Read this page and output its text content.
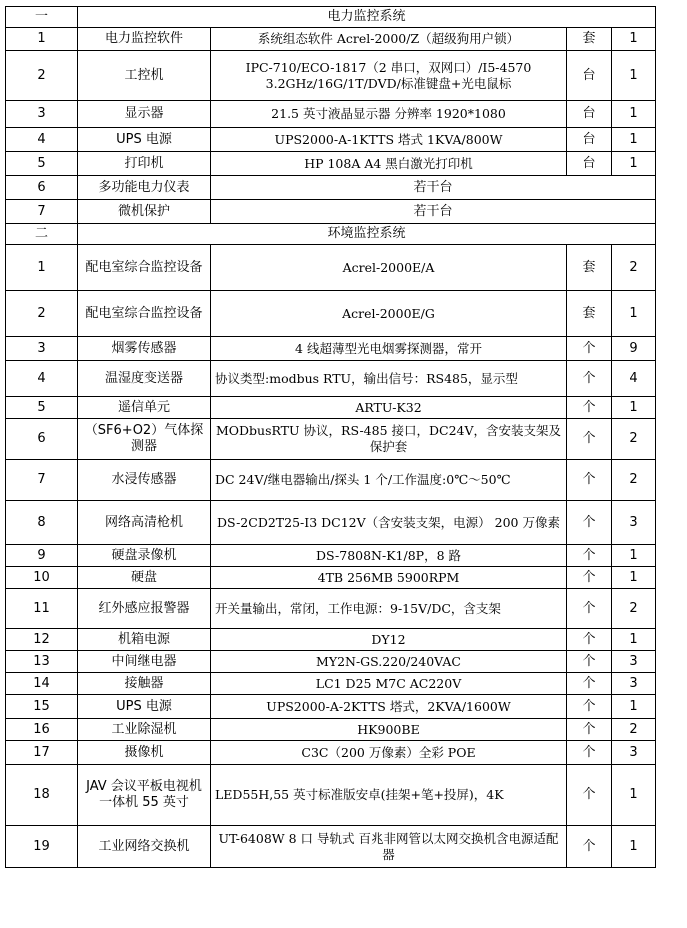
一	电力监控系统			
1	电力监控软件	系统组态软件 Acrel-2000/Z（超级狗用户锁）	套	1
2	工控机	IPC-710/ECO-1817（2 串口，双网口）/I5-4570 3.2GHz/16G/1T/DVD/标准键盘+光电鼠标	台	1
3	显示器	21.5 英寸液晶显示器 分辨率 1920*1080	台	1
4	UPS 电源	UPS2000-A-1KTTS 塔式 1KVA/800W	台	1
5	打印机	HP 108A A4 黑白激光打印机	台	1
6	多功能电力仪表	若干台		
7	微机保护	若干台		
二	环境监控系统			
1	配电室综合监控设备	Acrel-2000E/A	套	2
2	配电室综合监控设备	Acrel-2000E/G	套	1
3	烟雾传感器	4 线超薄型光电烟雾探测器，常开	个	9
4	温湿度变送器	协议类型:modbus RTU，输出信号：RS485，显示型	个	4
5	遥信单元	ARTU-K32	个	1
6	（SF6+O2）气体探测器	MODbusRTU 协议，RS-485 接口，DC24V，含安装支架及保护套	个	2
7	水浸传感器	DC 24V/继电器输出/探头 1 个/工作温度:0℃～50℃	个	2
8	网络高清枪机	DS-2CD2T25-I3 DC12V（含安装支架，电源） 200 万像素	个	3
9	硬盘录像机	DS-7808N-K1/8P，8 路	个	1
10	硬盘	4TB 256MB 5900RPM	个	1
11	红外感应报警器	开关量输出，常闭，工作电源：9-15V/DC，含支架	个	2
12	机箱电源	DY12	个	1
13	中间继电器	MY2N-GS.220/240VAC	个	3
14	接触器	LC1 D25 M7C AC220V	个	3
15	UPS 电源	UPS2000-A-2KTTS 塔式，2KVA/1600W	个	1
16	工业除湿机	HK900BE	个	2
17	摄像机	C3C（200 万像素）全彩 POE	个	3
18	JAV 会议平板电视机一体机 55 英寸	LED55H,55 英寸标准版安卓(挂架+笔+投屏)，4K	个	1
19	工业网络交换机	UT-6408W 8 口 导轨式 百兆非网管以太网交换机含电源适配器	个	1
